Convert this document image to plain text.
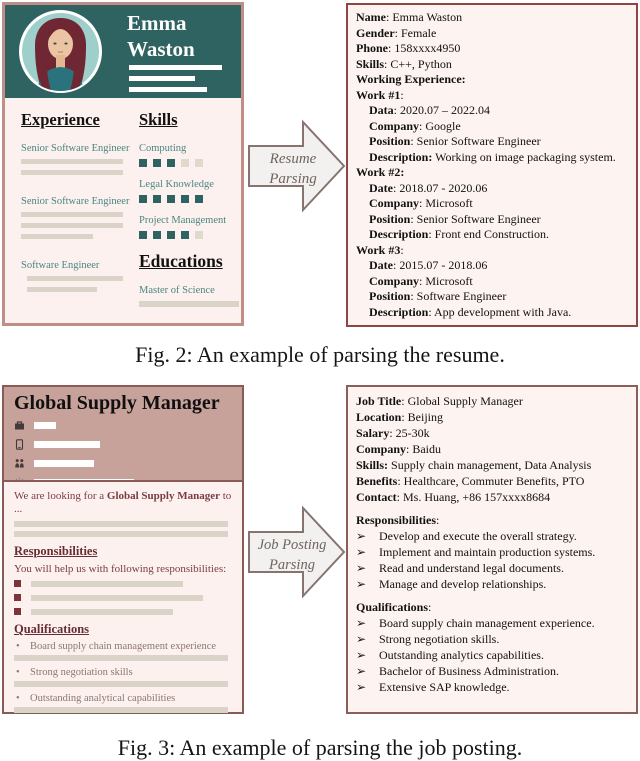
Emma
Waston
Experience
Senior Software Engineer
Senior Software Engineer
Software Engineer
Skills
Computing
Legal Knowledge
Project Management
Educations
Master of Science
Resume
Parsing
Name: Emma Waston
Gender: Female
Phone: 158xxxx4950
Skills: C++, Python
Working Experience:
Work #1:
Data: 2020.07 – 2022.04
Company: Google
Position: Senior Software Engineer
Description: Working on image packaging system.
Work #2:
Date: 2018.07 - 2020.06
Company: Microsoft
Position: Senior Software Engineer
Description: Front end Construction.
Work #3:
Date: 2015.07 - 2018.06
Company: Microsoft
Position: Software Engineer
Description: App development with Java.
Fig. 2: An example of parsing the resume.
Global Supply Manager
We are looking for a Global Supply Manager to ...
Responsibilities
You will help us with following responsibilities:
Qualifications
• Board supply chain management experience
• Strong negotiation skills
• Outstanding analytical capabilities
Job Posting
Parsing
Job Title: Global Supply Manager
Location: Beijing
Salary: 25-30k
Company: Baidu
Skills: Supply chain management, Data Analysis
Benefits: Healthcare, Commuter Benefits, PTO
Contact: Ms. Huang, +86 157xxxx8684
Responsibilities:
➢	Develop and execute the overall strategy.
➢	Implement and maintain production systems.
➢	Read and understand legal documents.
➢	Manage and develop relationships.
Qualifications:
➢	Board supply chain management experience.
➢	Strong negotiation skills.
➢	Outstanding analytics capabilities.
➢	Bachelor of Business Administration.
➢	Extensive SAP knowledge.
Fig. 3: An example of parsing the job posting.
